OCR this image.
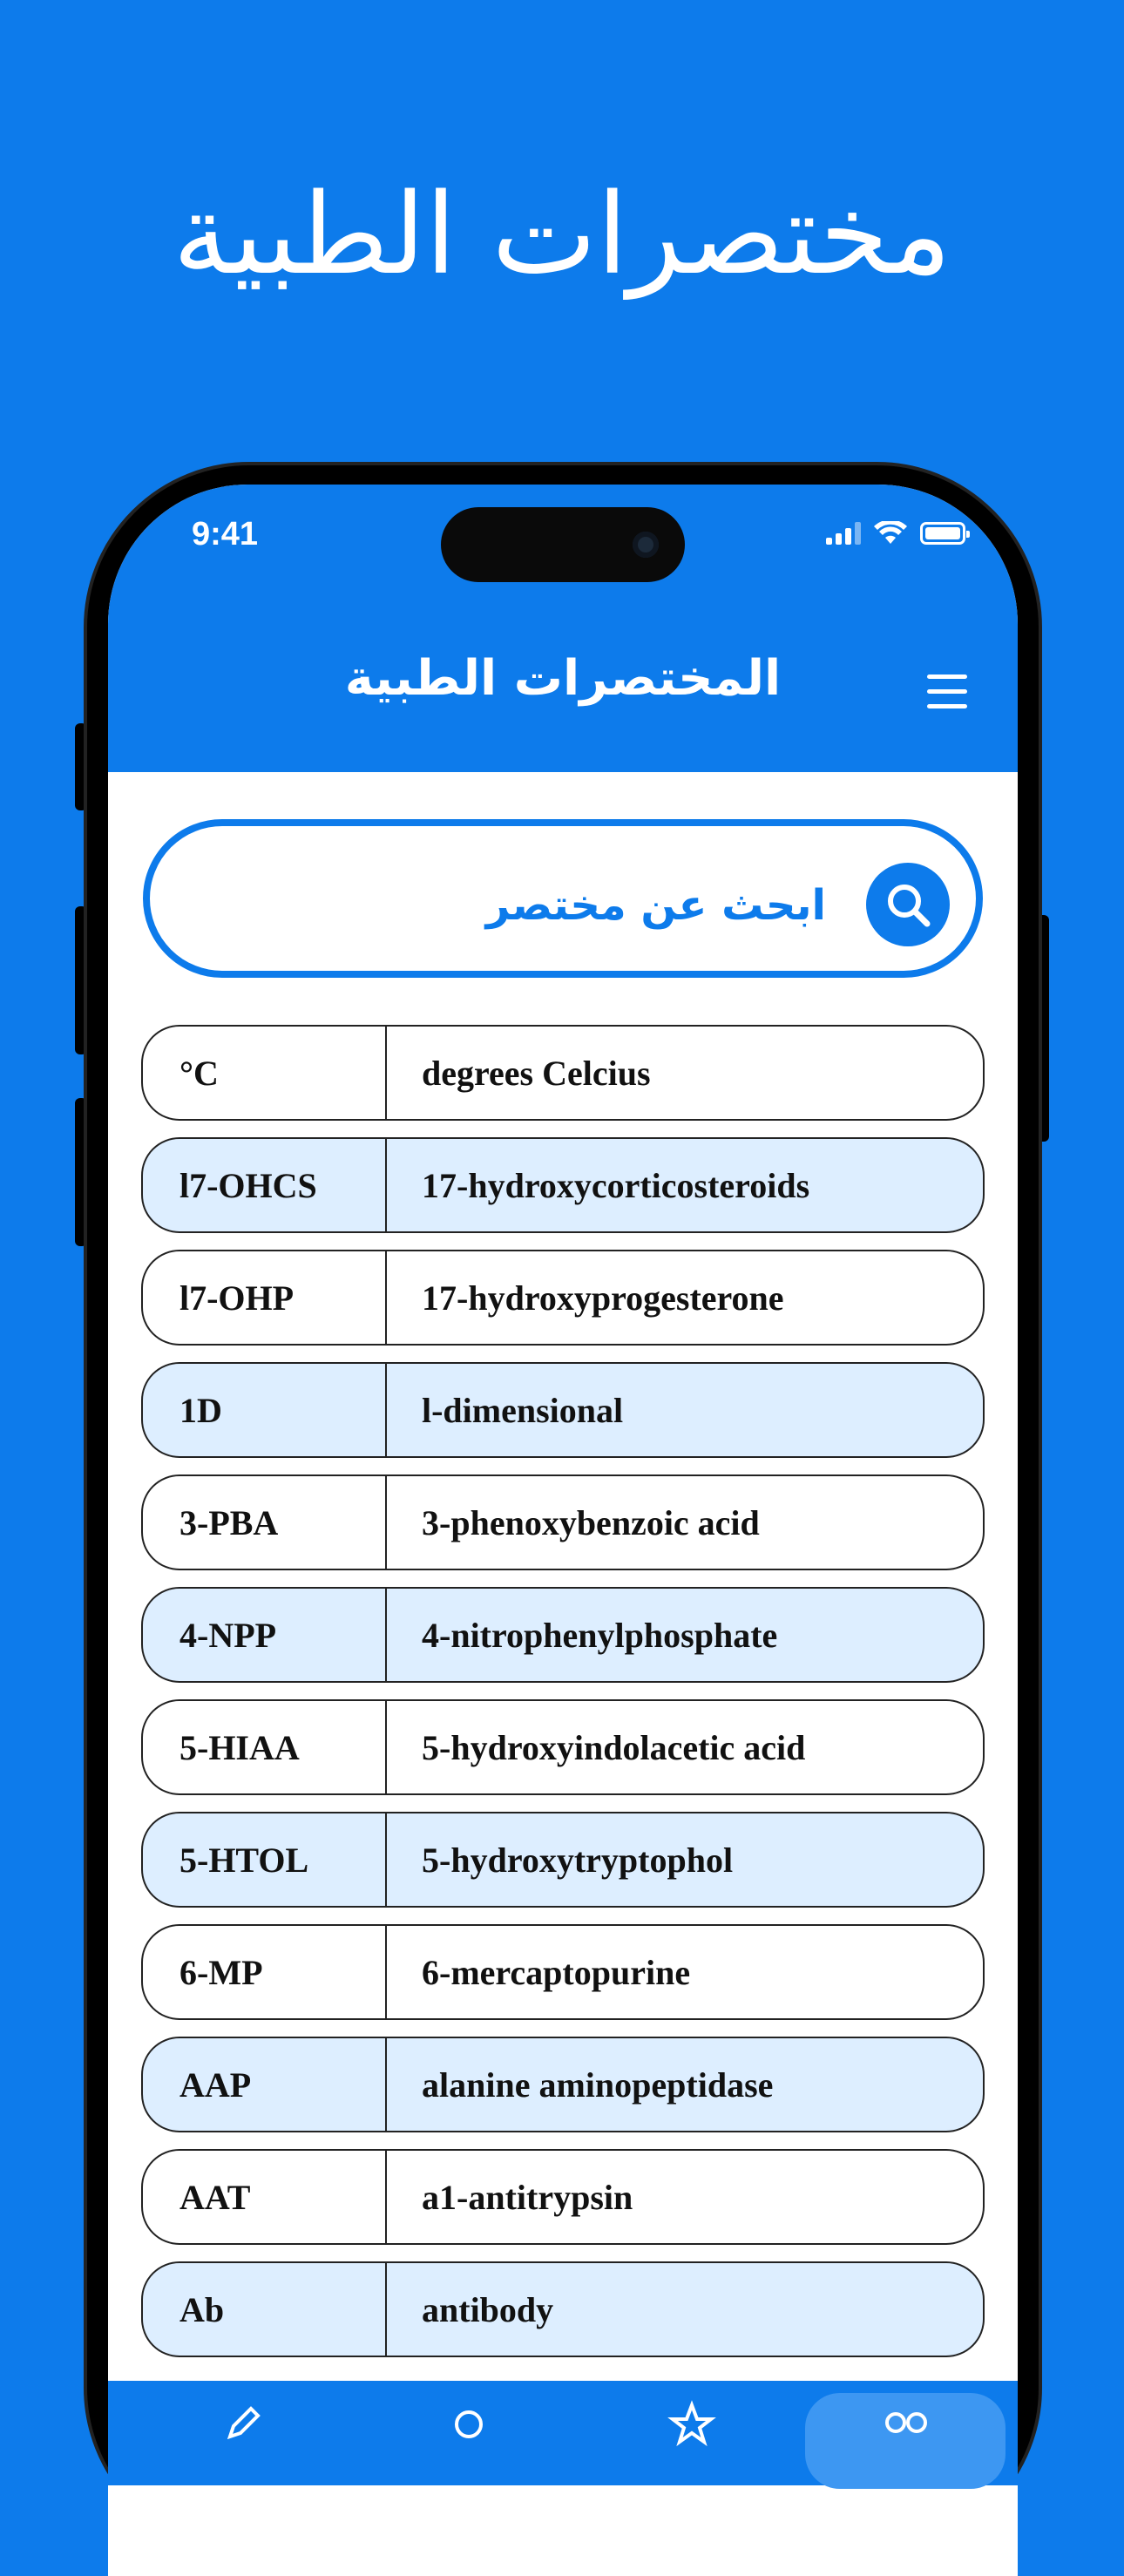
مختصرات الطبية
9:41
المختصرات الطبية
ابحث عن مختصر
°C	degrees Celcius
l7-OHCS	17-hydroxycorticosteroids
l7-OHP	17-hydroxyprogesterone
1D	l-dimensional
3-PBA	3-phenoxybenzoic acid
4-NPP	4-nitrophenylphosphate
5-HIAA	5-hydroxyindolacetic acid
5-HTOL	5-hydroxytryptophol
6-MP	6-mercaptopurine
AAP	alanine aminopeptidase
AAT	a1-antitrypsin
Ab	antibody
